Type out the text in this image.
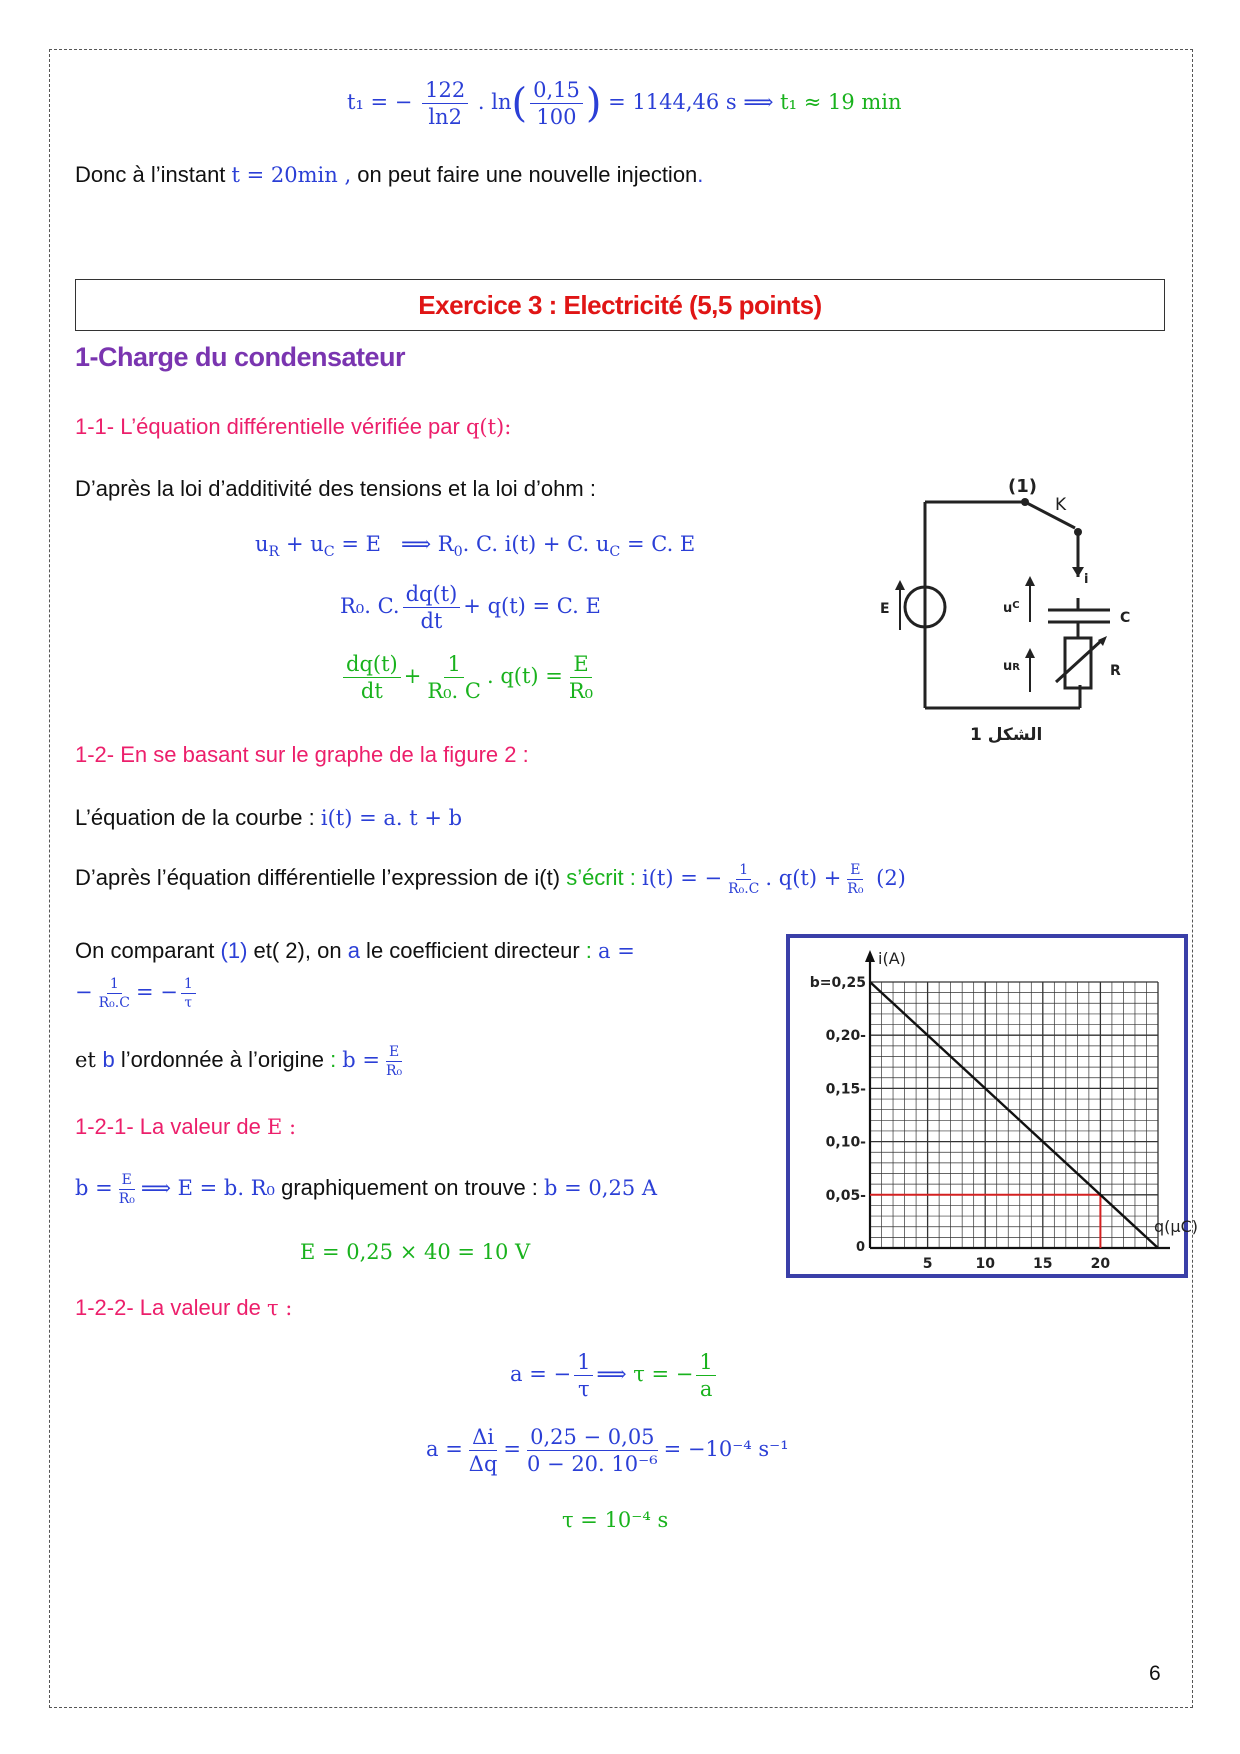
t₁ = − $\frac{122}{\ln 2}$ . $\ln( \frac{0,15}{100}$ ) = 1144,46 s ⟹ t₁ ≈ 19 min
Donc à l’instant t = 20min , on peut faire une nouvelle injection.
Exercice 3 : Electricité (5,5 points)
1-Charge du condensateur
1-1- L’équation différentielle vérifiée par q(t):
D’après la loi d’additivité des tensions et la loi d’ohm :
$u_R + u_C = E$   ⟹ $R_0$. C. i(t) + C. $u_C = C$. E
R₀. C. $\frac{dq(t)}{dt} + q(t) = C$. E
$\frac{dq(t)}{dt} + \frac{1}{\text{R₀. C}}$ . $q(t) = \frac{E}{\text{R₀}}$
(1)
K
E
i
$u^C$
C
uR	R
الشكل 1
1-2- En se basant sur le graphe de la figure 2 :
L’équation de la courbe : i(t) = a. t + b
D’après l’équation différentielle l’expression de i(t) s’écrit : i(t) = − $\frac{1}{\text{R₀.C}}$ . $q(t) + \frac{E}{\text{R₀}} (2)$
On comparant (1) et( 2), on a le coefficient directeur : a =
− $\frac{1}{\text{R₀.C}}$ = − $\frac{1}{\tau}$
et b l’ordonnée à l’origine : $b = \frac{E}{\text{R₀}}$
1-2-1- La valeur de E :
$b = \frac{E}{\text{R₀}}$ ⟹ E = b. R₀ graphiquement on trouve : b = 0,25 A
E = 0,25 × 40 = 10 V	5	10	15	20
0,05-
0,10-
0,15-
0,20-
b=0,25
0
q(μC)
i(A)
1-2-2- La valeur de τ :
a = − $\frac{1}{\tau}$ ⟹ τ = − $\frac{1}{a}$
$a = \frac{\Delta i}{\Delta q} = \frac{0,25 - 0,05}{\text{0 − 20. 10⁻⁶}} = -10^{-4}$ s⁻¹
τ = 10⁻⁴ s
6
